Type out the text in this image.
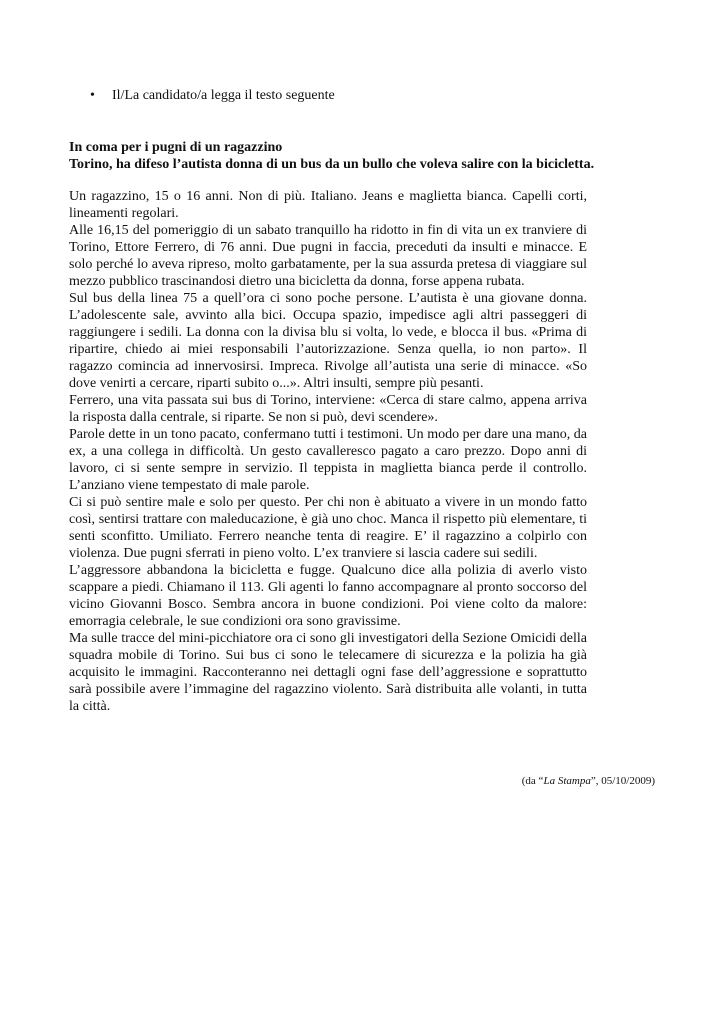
• Il/La candidato/a legga il testo seguente
In coma per i pugni di un ragazzino
Torino, ha difeso l’autista donna di un bus da un bullo che voleva salire con la bicicletta.

Un ragazzino, 15 o 16 anni. Non di più. Italiano. Jeans e maglietta bianca. Capelli corti, lineamenti regolari.

Alle 16,15 del pomeriggio di un sabato tranquillo ha ridotto in fin di vita un ex tranviere di Torino, Ettore Ferrero, di 76 anni. Due pugni in faccia, preceduti da insulti e minacce. E solo perché lo aveva ripreso, molto garbatamente, per la sua assurda pretesa di viaggiare sul mezzo pubblico trascinandosi dietro una bicicletta da donna, forse appena rubata.

Sul bus della linea 75 a quell’ora ci sono poche persone. L’autista è una giovane donna. L’adolescente sale, avvinto alla bici. Occupa spazio, impedisce agli altri passeggeri di raggiungere i sedili. La donna con la divisa blu si volta, lo vede, e blocca il bus. «Prima di ripartire, chiedo ai miei responsabili l’autorizzazione. Senza quella, io non parto». Il ragazzo comincia ad innervosirsi. Impreca. Rivolge all’autista una serie di minacce. «So dove venirti a cercare, riparti subito o...». Altri insulti, sempre più pesanti.

Ferrero, una vita passata sui bus di Torino, interviene: «Cerca di stare calmo, appena arriva la risposta dalla centrale, si riparte. Se non si può, devi scendere».

Parole dette in un tono pacato, confermano tutti i testimoni. Un modo per dare una mano, da ex, a una collega in difficoltà. Un gesto cavalleresco pagato a caro prezzo. Dopo anni di lavoro, ci si sente sempre in servizio. Il teppista in maglietta bianca perde il controllo. L’anziano viene tempestato di male parole.

Ci si può sentire male e solo per questo. Per chi non è abituato a vivere in un mondo fatto così, sentirsi trattare con maleducazione, è già uno choc. Manca il rispetto più elementare, ti senti sconfitto. Umiliato. Ferrero neanche tenta di reagire. E’ il ragazzino a colpirlo con violenza. Due pugni sferrati in pieno volto. L’ex tranviere si lascia cadere sui sedili.

L’aggressore abbandona la bicicletta e fugge. Qualcuno dice alla polizia di averlo visto scappare a piedi. Chiamano il 113. Gli agenti lo fanno accompagnare al pronto soccorso del vicino Giovanni Bosco. Sembra ancora in buone condizioni. Poi viene colto da malore: emorragia celebrale, le sue condizioni ora sono gravissime.

Ma sulle tracce del mini-picchiatore ora ci sono gli investigatori della Sezione Omicidi della squadra mobile di Torino. Sui bus ci sono le telecamere di sicurezza e la polizia ha già acquisito le immagini. Racconteranno nei dettagli ogni fase dell’aggressione e soprattutto sarà possibile avere l’immagine del ragazzino violento. Sarà distribuita alle volanti, in tutta la città.

(da “La Stampa”, 05/10/2009)
